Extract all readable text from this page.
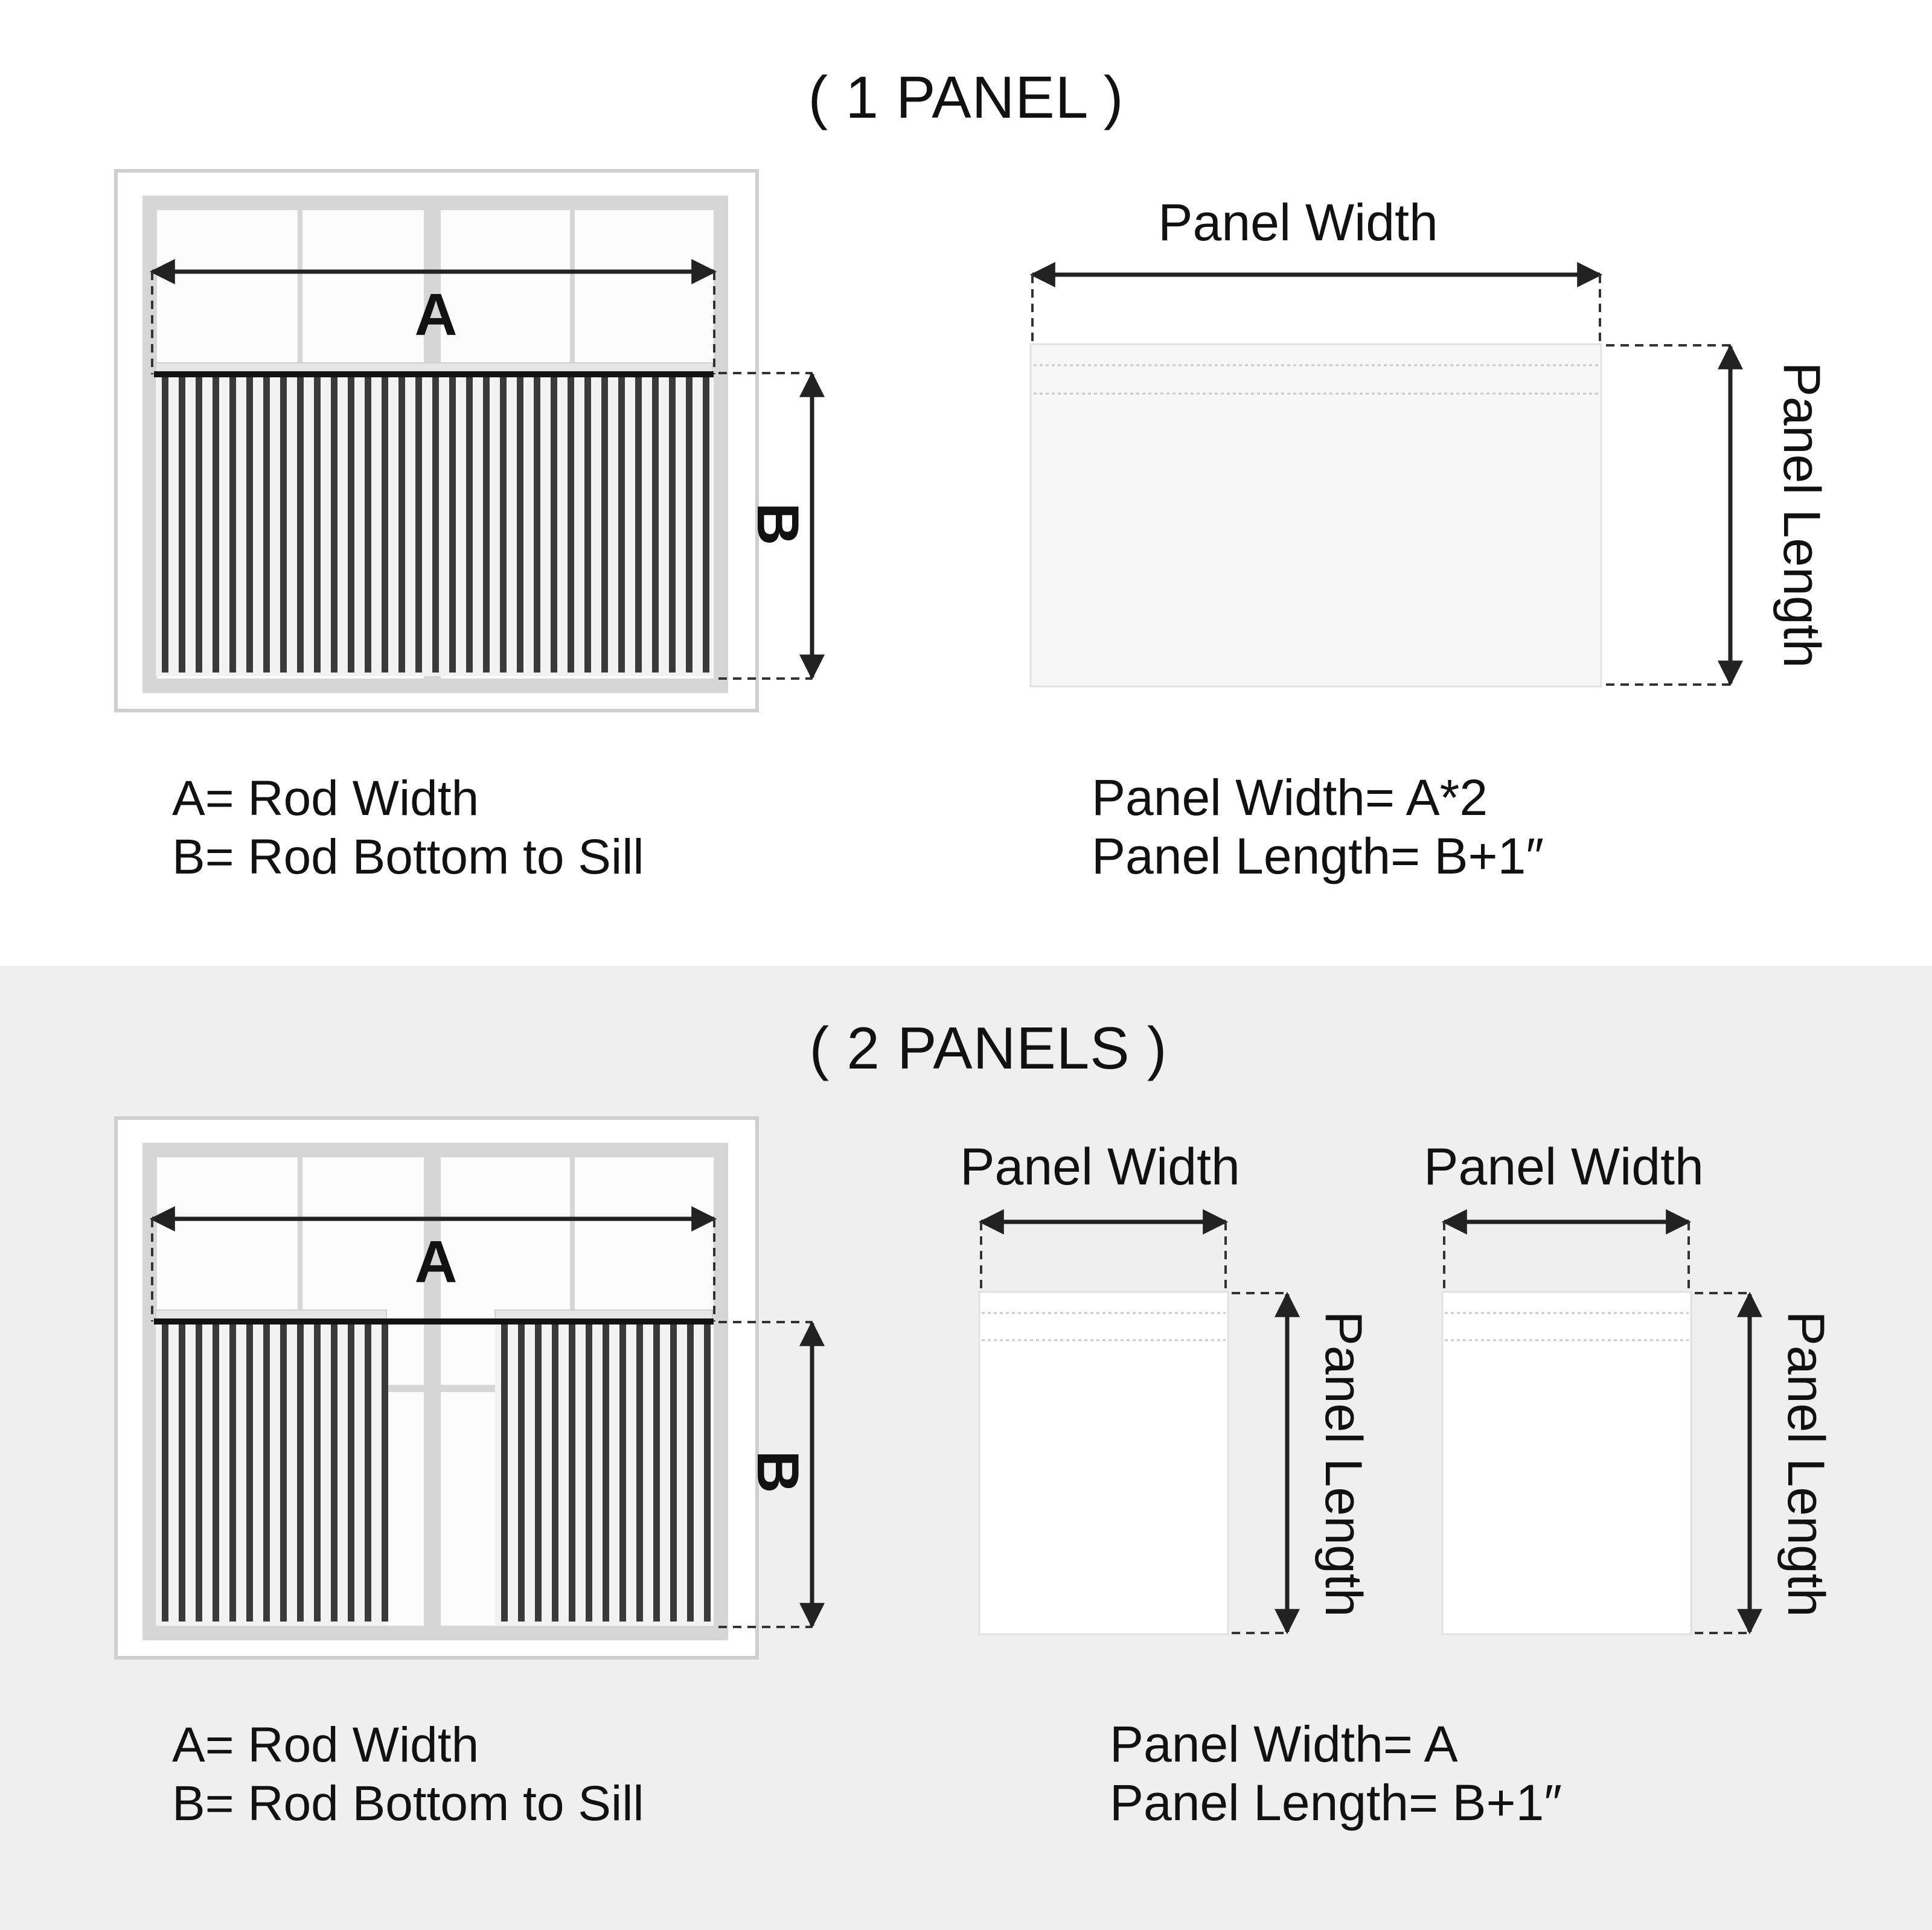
( 1 PANEL )
A
B
Panel Width
Panel Length
A= Rod Width
B= Rod Bottom to Sill
Panel Width= A*2
Panel Length= B+1″
( 2 PANELS )
A
B
Panel Width
Panel Length
Panel Width
Panel Length
A= Rod Width
B= Rod Bottom to Sill
Panel Width= A
Panel Length= B+1″
